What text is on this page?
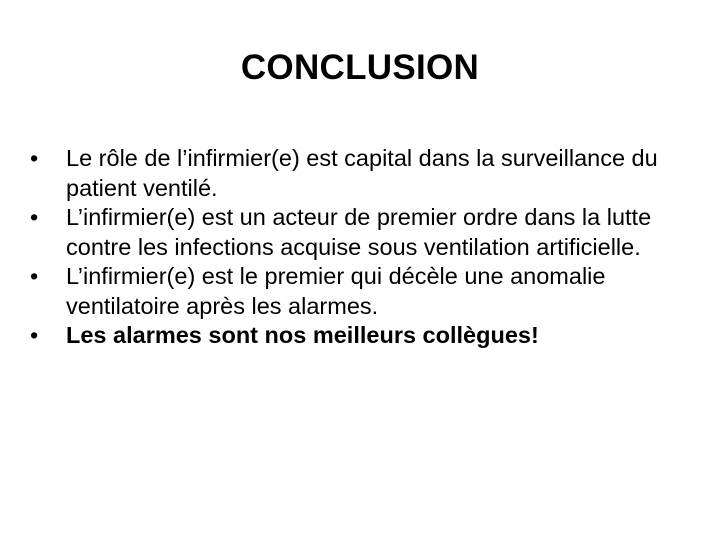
CONCLUSION
•	Le rôle de l’infirmier(e) est capital dans la surveillance du patient ventilé.
•	L’infirmier(e) est un acteur de premier ordre dans la lutte contre les infections acquise sous ventilation artificielle.
•	L’infirmier(e) est le premier qui décèle une anomalie ventilatoire après les alarmes.
•	Les alarmes sont nos meilleurs collègues!
